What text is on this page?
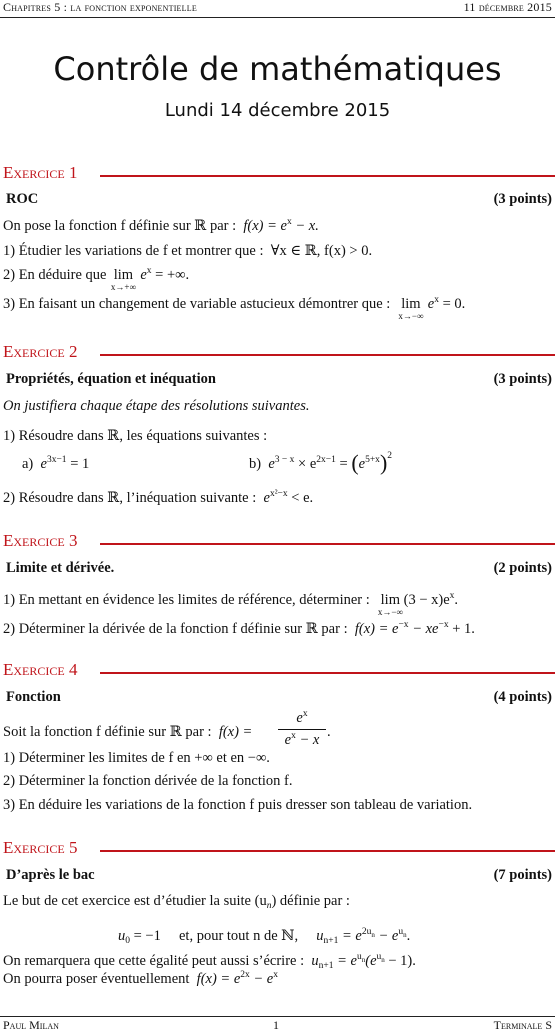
Chapitres 5 : la fonction exponentielle	11 décembre 2015
Contrôle de mathématiques
Lundi 14 décembre 2015
Exercice 1
ROC	(3 points)
On pose la fonction f définie sur ℝ par : $f(x) = e^x - x$.
1) Étudier les variations de f et montrer que : ∀x ∈ ℝ, f(x) > 0.
2) En déduire que lim
x→+∞
$e^x$ = +∞.
3) En faisant un changement de variable astucieux démontrer que : lim
x→−∞
$e^x = 0$.
Exercice 2
Propriétés, équation et inéquation	(3 points)
On justifiera chaque étape des résolutions suivantes.
1) Résoudre dans ℝ, les équations suivantes :
a) $e^{3x-1} = 1$	b) $e^{3 - x} \times e^{2x-1} = (e^{5+x})^2$
2) Résoudre dans ℝ, l’inéquation suivante : $e^{x^2-x} < e$.
Exercice 3
Limite et dérivée.	(2 points)
1) En mettant en évidence les limites de référence, déterminer : lim
x→−∞
$(3 - x)e^x$.
2) Déterminer la dérivée de la fonction f définie sur ℝ par : $f(x) = e^{-x} - xe^{-x} + 1$.
Exercice 4
Fonction	(4 points)
Soit la fonction f définie sur ℝ par : f(x) =
$e^x$
$e^x - x$ .
1) Déterminer les limites de f en +∞ et en −∞.
2) Déterminer la fonction dérivée de la fonction f.
3) En déduire les variations de la fonction f puis dresser son tableau de variation.
Exercice 5
D’après le bac	(7 points)
Le but de cet exercice est d’étudier la suite $(u_n)$ définie par :
$u_0 = -1$ et, pour tout n de ℕ, $u_{n+1} = e^{2u_n} - e^{u_n}$.
On remarquera que cette égalité peut aussi s’écrire : $u_{n+1} = e^{u_n}(e^{u_n} - 1)$.
On pourra poser éventuellement $f(x) = e^{2x} - e^x$
Paul Milan	1	Terminale S
